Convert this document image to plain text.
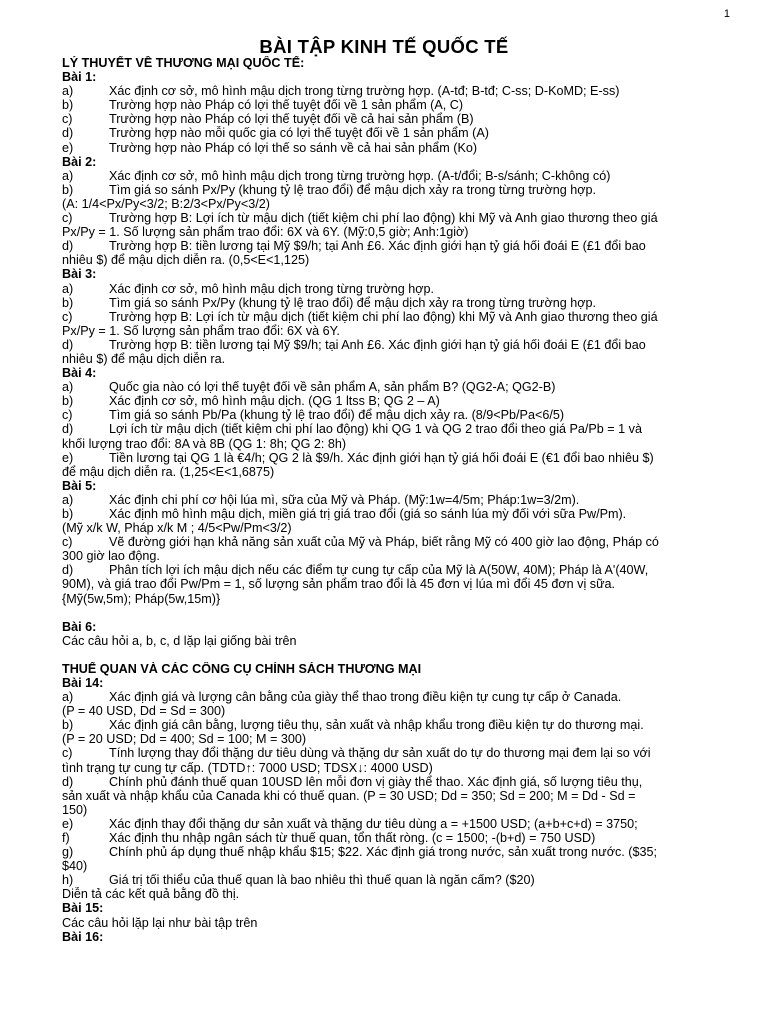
1
BÀI TẬP KINH TẾ QUỐC TẾ
LÝ THUYẾT VỀ THƯƠNG MẠI QUỐC TẾ:
Bài 1:
a)	Xác định cơ sở, mô hình mậu dịch trong từng trường hợp. (A-tđ; B-tđ; C-ss; D-KoMD; E-ss)
b)	Trường hợp nào Pháp có lợi thế tuyệt đối về 1 sản phẩm (A, C)
c)	Trường hợp nào Pháp có lợi thế tuyệt đối về cả hai sản phẩm (B)
d)	Trường hợp nào mỗi quốc gia có lợi thế tuyệt đối về 1 sản phẩm (A)
e)	Trường hợp nào Pháp có lợi thế so sánh về cả hai sản phẩm (Ko)
Bài 2:
a)	Xác định cơ sở, mô hình mậu dịch trong từng trường hợp. (A-t/đổi; B-s/sánh; C-không có)
b)	Tìm giá so sánh Px/Py (khung tỷ lệ trao đổi) để mậu dịch xảy ra trong từng trường hợp.
(A: 1/4<Px/Py<3/2; B:2/3<Px/Py<3/2)
c)	Trường hợp B: Lợi ích từ mậu dịch (tiết kiệm chi phí lao động) khi Mỹ và Anh giao thương theo giá
Px/Py = 1. Số lượng sản phẩm trao đổi: 6X và 6Y. (Mỹ:0,5 giờ; Anh:1giờ)
d)	Trường hợp B: tiền lương tại Mỹ $9/h; tại Anh £6. Xác định giới hạn tỷ giá hối đoái E (£1 đổi bao
nhiêu $) để mậu dịch diễn ra. (0,5<E<1,125)
Bài 3:
a)	Xác định cơ sở, mô hình mậu dịch trong từng trường hợp.
b)	Tìm giá so sánh Px/Py (khung tỷ lệ trao đổi) để mậu dịch xảy ra trong từng trường hợp.
c)	Trường hợp B: Lợi ích từ mậu dịch (tiết kiệm chi phí lao động) khi Mỹ và Anh giao thương theo giá
Px/Py = 1. Số lượng sản phẩm trao đổi: 6X và 6Y.
d)	Trường hợp B: tiền lương tại Mỹ $9/h; tại Anh £6. Xác định giới hạn tỷ giá hối đoái E (£1 đổi bao
nhiêu $) để mậu dịch diễn ra.
Bài 4:
a)	Quốc gia nào có lợi thế tuyệt đối về sản phẩm A, sản phẩm B? (QG2-A; QG2-B)
b)	Xác định cơ sở, mô hình mậu dịch. (QG 1 ltss B; QG 2 – A)
c)	Tìm giá so sánh Pb/Pa (khung tỷ lệ trao đổi) để mậu dịch xảy ra. (8/9<Pb/Pa<6/5)
d)	Lợi ích từ mậu dịch (tiết kiệm chi phí lao động) khi QG 1 và QG 2 trao đổi theo giá Pa/Pb = 1 và
khối lượng trao đổi: 8A và 8B (QG 1: 8h; QG 2: 8h)
e)	Tiền lương tại QG 1 là €4/h; QG 2 là $9/h. Xác định giới hạn tỷ giá hối đoái E (€1 đổi bao nhiêu $)
để mậu dịch diễn ra. (1,25<E<1,6875)
Bài 5:
a)	Xác định chi phí cơ hội lúa mì, sữa của Mỹ và Pháp. (Mỹ:1w=4/5m; Pháp:1w=3/2m).
b)	Xác định mô hình mậu dịch, miền giá trị giá trao đổi (giá so sánh lúa mỳ đối với sữa Pw/Pm).
(Mỹ x/k W, Pháp x/k M ; 4/5<Pw/Pm<3/2)
c)	Vẽ đường giới hạn khả năng sản xuất của Mỹ và Pháp, biết rằng Mỹ có 400 giờ lao động, Pháp có
300 giờ lao động.
d)	Phân tích lợi ích mậu dịch nếu các điểm tự cung tự cấp của Mỹ là A(50W, 40M); Pháp là A'(40W,
90M), và giá trao đổi Pw/Pm = 1, số lượng sản phẩm trao đổi là 45 đơn vị lúa mì đổi 45 đơn vị sữa.
{Mỹ(5w,5m); Pháp(5w,15m)}
Bài 6:
Các câu hỏi a, b, c, d lặp lại giống bài trên
THUẾ QUAN VÀ CÁC CÔNG CỤ CHÍNH SÁCH THƯƠNG MẠI
Bài 14:
a)	Xác định giá và lượng cân bằng của giày thể thao trong điều kiện tự cung tự cấp ở Canada.
(P = 40 USD, Dd = Sd = 300)
b)	Xác định giá cân bằng, lượng tiêu thụ, sản xuất và nhập khẩu trong điều kiện tự do thương mại.
(P = 20 USD; Dd = 400; Sd = 100; M = 300)
c)	Tính lượng thay đổi thặng dư tiêu dùng và thặng dư sản xuất do tự do thương mại đem lại so với
tình trạng tự cung tự cấp. (TDTD↑: 7000 USD; TDSX↓: 4000 USD)
d)	Chính phủ đánh thuế quan 10USD lên mỗi đơn vị giày thể thao. Xác định giá, số lượng tiêu thụ,
sản xuất và nhập khẩu của Canada khi có thuế quan. (P = 30 USD; Dd = 350; Sd = 200; M = Dd - Sd =
150)
e)	Xác định thay đổi thặng dư sản xuất và thặng dư tiêu dùng a = +1500 USD; (a+b+c+d) = 3750;
f)	Xác định thu nhập ngân sách từ thuế quan, tổn thất ròng. (c = 1500; -(b+d) = 750 USD)
g)	Chính phủ áp dụng thuế nhập khẩu $15; $22. Xác định giá trong nước, sản xuất trong nước. ($35;
$40)
h)	Giá trị tối thiểu của thuế quan là bao nhiêu thì thuế quan là ngăn cấm? ($20)
Diễn tả các kết quả bằng đồ thị.
Bài 15:
Các câu hỏi lặp lại như bài tập trên
Bài 16:
